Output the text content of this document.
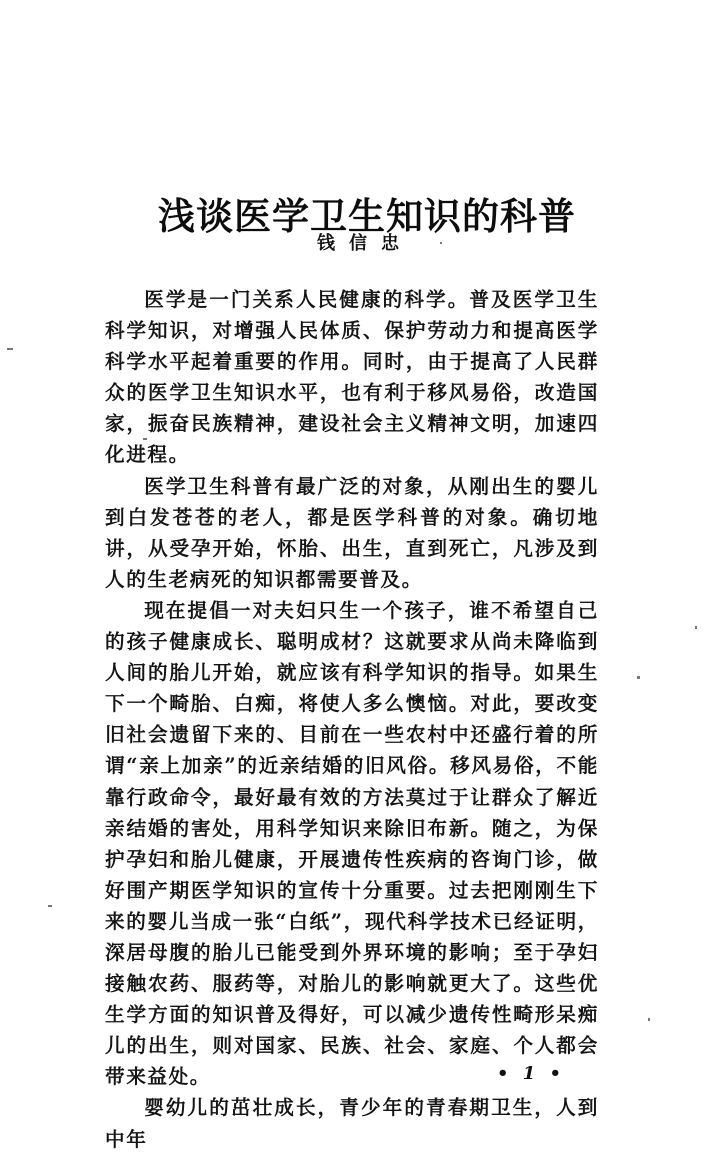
浅谈医学卫生知识的科普
钱信忠

医学是一门关系人民健康的科学。普及医学卫生科学知识，对增强人民体质、保护劳动力和提高医学科学水平起着重要的作用。同时，由于提高了人民群众的医学卫生知识水平，也有利于移风易俗，改造国家，振奋民族精神，建设社会主义精神文明，加速四化进程。

医学卫生科普有最广泛的对象，从刚出生的婴儿到白发苍苍的老人，都是医学科普的对象。确切地讲，从受孕开始，怀胎、出生，直到死亡，凡涉及到人的生老病死的知识都需要普及。

现在提倡一对夫妇只生一个孩子，谁不希望自己的孩子健康成长、聪明成材？这就要求从尚未降临到人间的胎儿开始，就应该有科学知识的指导。如果生下一个畸胎、白痴，将使人多么懊恼。对此，要改变旧社会遗留下来的、目前在一些农村中还盛行着的所谓“亲上加亲”的近亲结婚的旧风俗。移风易俗，不能靠行政命令，最好最有效的方法莫过于让群众了解近亲结婚的害处，用科学知识来除旧布新。随之，为保护孕妇和胎儿健康，开展遗传性疾病的咨询门诊，做好围产期医学知识的宣传十分重要。过去把刚刚生下来的婴儿当成一张“白纸”，现代科学技术已经证明，深居母腹的胎儿已能受到外界环境的影响；至于孕妇接触农药、服药等，对胎儿的影响就更大了。这些优生学方面的知识普及得好，可以减少遗传性畸形呆痴儿的出生，则对国家、民族、社会、家庭、个人都会带来益处。

婴幼儿的茁壮成长，青少年的青春期卫生，人到中年

• 1 •
